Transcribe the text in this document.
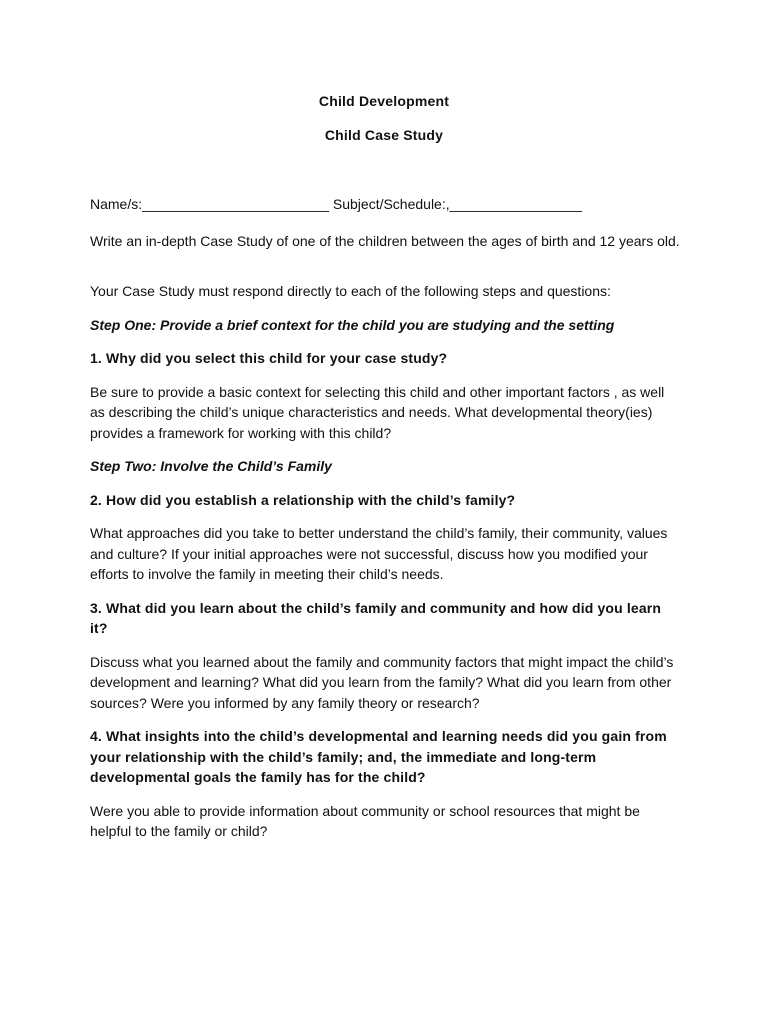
Child Development

Child Case Study

Name/s:________________________ Subject/Schedule:,_________________

Write an in-depth Case Study of one of the children between the ages of birth and 12 years old.

Your Case Study must respond directly to each of the following steps and questions:

Step One: Provide a brief context for the child you are studying and the setting

1. Why did you select this child for your case study?

Be sure to provide a basic context for selecting this child and other important factors , as well as describing the child’s unique characteristics and needs. What developmental theory(ies) provides a framework for working with this child?

Step Two: Involve the Child’s Family

2. How did you establish a relationship with the child’s family?

What approaches did you take to better understand the child’s family, their community, values and culture? If your initial approaches were not successful, discuss how you modified your efforts to involve the family in meeting their child’s needs.

3. What did you learn about the child’s family and community and how did you learn it?

Discuss what you learned about the family and community factors that might impact the child’s development and learning? What did you learn from the family? What did you learn from other sources? Were you informed by any family theory or research?

4. What insights into the child’s developmental and learning needs did you gain from your relationship with the child’s family; and, the immediate and long-term developmental goals the family has for the child?

Were you able to provide information about community or school resources that might be helpful to the family or child?
